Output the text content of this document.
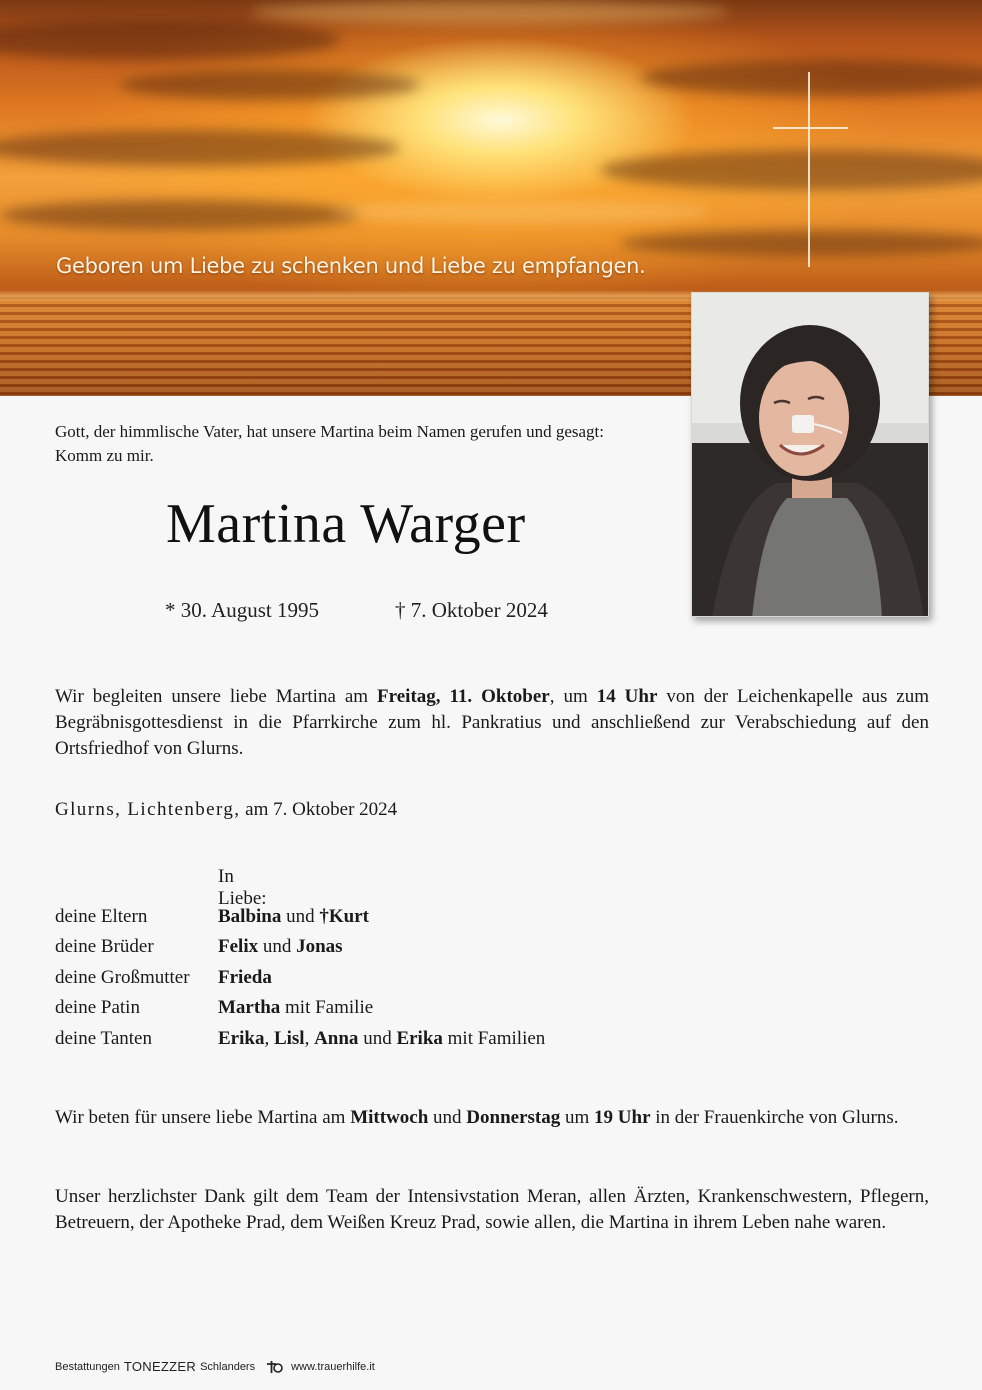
Geboren um Liebe zu schenken und Liebe zu empfangen.
Gott, der himmlische Vater, hat unsere Martina beim Namen gerufen und gesagt:
Komm zu mir.
Martina Warger
* 30. August 1995	† 7. Oktober 2024
Wir begleiten unsere liebe Martina am Freitag, 11. Oktober, um 14 Uhr von der Leichenkapelle aus zum Begräbnisgottesdienst in die Pfarrkirche zum hl. Pankratius und anschließend zur Verabschiedung auf den Ortsfriedhof von Glurns.
Glurns, Lichtenberg, am 7. Oktober 2024
In Liebe:
deine Eltern	Balbina und †Kurt
deine Brüder	Felix und Jonas
deine Großmutter Frieda
deine Patin	Martha mit Familie
deine Tanten	Erika, Lisl, Anna und Erika mit Familien
Wir beten für unsere liebe Martina am Mittwoch und Donnerstag um 19 Uhr in der Frauenkirche von Glurns.
Unser herzlichster Dank gilt dem Team der Intensivstation Meran, allen Ärzten, Krankenschwestern, Pflegern, Betreuern, der Apotheke Prad, dem Weißen Kreuz Prad, sowie allen, die Martina in ihrem Leben nahe waren.
Bestattungen TONEZZER Schlanders	www.trauerhilfe.it
